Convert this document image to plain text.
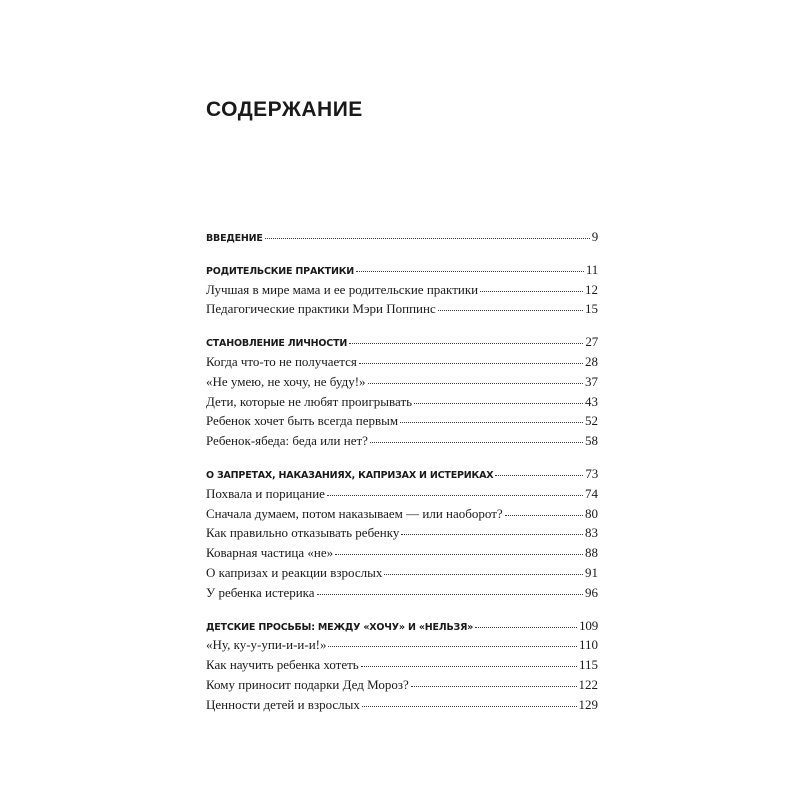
СОДЕРЖАНИЕ
ВВЕДЕНИЕ	9
РОДИТЕЛЬСКИЕ ПРАКТИКИ	11
Лучшая в мире мама и ее родительские практики	12
Педагогические практики Мэри Поппинс	15
СТАНОВЛЕНИЕ ЛИЧНОСТИ	27
Когда что-то не получается	28
«Не умею, не хочу, не буду!»	37
Дети, которые не любят проигрывать	43
Ребенок хочет быть всегда первым	52
Ребенок-ябеда: беда или нет?	58
О ЗАПРЕТАХ, НАКАЗАНИЯХ, КАПРИЗАХ И ИСТЕРИКАХ	73
Похвала и порицание	74
Сначала думаем, потом наказываем — или наоборот?	80
Как правильно отказывать ребенку	83
Коварная частица «не»	88
О капризах и реакции взрослых	91
У ребенка истерика	96
ДЕТСКИЕ ПРОСЬБЫ: МЕЖДУ «ХОЧУ» И «НЕЛЬЗЯ»	109
«Ну, ку-у-упи-и-и-и!»	110
Как научить ребенка хотеть	115
Кому приносит подарки Дед Мороз?	122
Ценности детей и взрослых	129
